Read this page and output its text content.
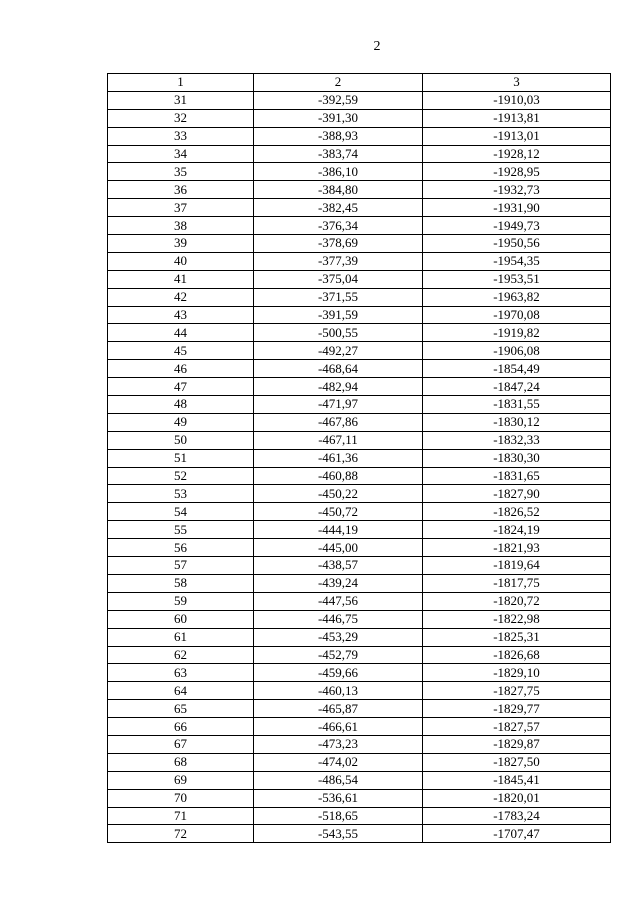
2
1	2	3
31	-392,59	-1910,03
32	-391,30	-1913,81
33	-388,93	-1913,01
34	-383,74	-1928,12
35	-386,10	-1928,95
36	-384,80	-1932,73
37	-382,45	-1931,90
38	-376,34	-1949,73
39	-378,69	-1950,56
40	-377,39	-1954,35
41	-375,04	-1953,51
42	-371,55	-1963,82
43	-391,59	-1970,08
44	-500,55	-1919,82
45	-492,27	-1906,08
46	-468,64	-1854,49
47	-482,94	-1847,24
48	-471,97	-1831,55
49	-467,86	-1830,12
50	-467,11	-1832,33
51	-461,36	-1830,30
52	-460,88	-1831,65
53	-450,22	-1827,90
54	-450,72	-1826,52
55	-444,19	-1824,19
56	-445,00	-1821,93
57	-438,57	-1819,64
58	-439,24	-1817,75
59	-447,56	-1820,72
60	-446,75	-1822,98
61	-453,29	-1825,31
62	-452,79	-1826,68
63	-459,66	-1829,10
64	-460,13	-1827,75
65	-465,87	-1829,77
66	-466,61	-1827,57
67	-473,23	-1829,87
68	-474,02	-1827,50
69	-486,54	-1845,41
70	-536,61	-1820,01
71	-518,65	-1783,24
72	-543,55	-1707,47
